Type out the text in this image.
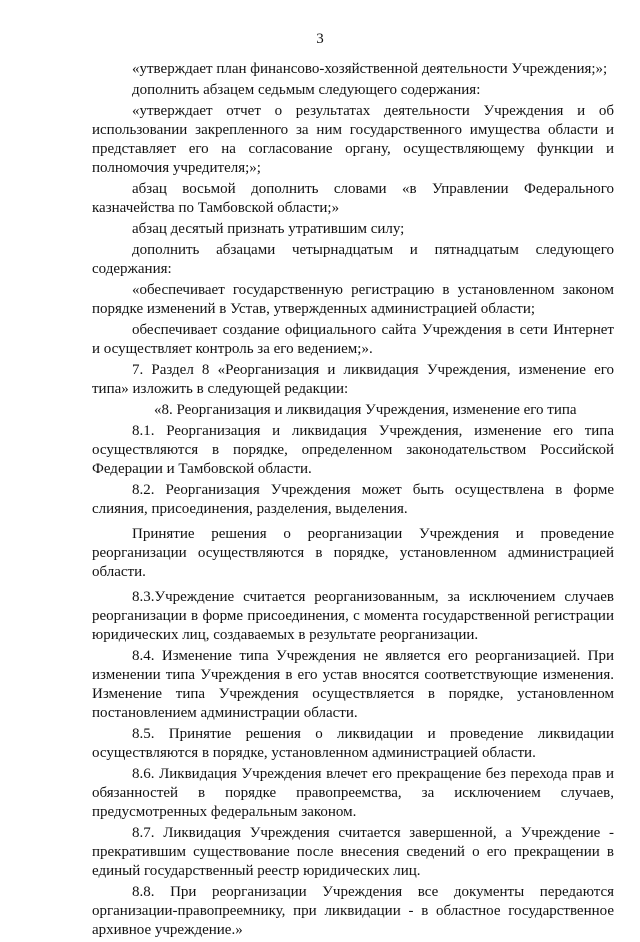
3

«утверждает план финансово-хозяйственной деятельности Учреждения;»;

дополнить абзацем седьмым следующего содержания:

«утверждает отчет о результатах деятельности Учреждения и об использовании закрепленного за ним государственного имущества области и представляет его на согласование органу, осуществляющему функции и полномочия учредителя;»;

абзац восьмой дополнить словами «в Управлении Федерального казначейства по Тамбовской области;»

абзац десятый признать утратившим силу;

дополнить абзацами четырнадцатым и пятнадцатым следующего содержания:

«обеспечивает государственную регистрацию в установленном законом порядке изменений в Устав, утвержденных администрацией области;

обеспечивает создание официального сайта Учреждения в сети Интернет и осуществляет контроль за его ведением;».

7. Раздел 8 «Реорганизация и ликвидация Учреждения, изменение его типа» изложить в следующей редакции:

«8. Реорганизация и ликвидация Учреждения, изменение его типа

8.1. Реорганизация и ликвидация Учреждения, изменение его типа осуществляются в порядке, определенном законодательством Российской Федерации и Тамбовской области.

8.2. Реорганизация Учреждения может быть осуществлена в форме слияния, присоединения, разделения, выделения.

Принятие решения о реорганизации Учреждения и проведение реорганизации осуществляются в порядке, установленном администрацией области.

8.3.Учреждение считается реорганизованным, за исключением случаев реорганизации в форме присоединения, с момента государственной регистрации юридических лиц, создаваемых в результате реорганизации.

8.4. Изменение типа Учреждения не является его реорганизацией. При изменении типа Учреждения в его устав вносятся соответствующие изменения. Изменение типа Учреждения осуществляется в порядке, установленном постановлением администрации области.

8.5. Принятие решения о ликвидации и проведение ликвидации осуществляются в порядке, установленном администрацией области.

8.6. Ликвидация Учреждения влечет его прекращение без перехода прав и обязанностей в порядке правопреемства, за исключением случаев, предусмотренных федеральным законом.

8.7. Ликвидация Учреждения считается завершенной, а Учреждение - прекратившим существование после внесения сведений о его прекращении в единый государственный реестр юридических лиц.

8.8. При реорганизации Учреждения все документы передаются организации-правопреемнику, при ликвидации - в областное государственное архивное учреждение.»
